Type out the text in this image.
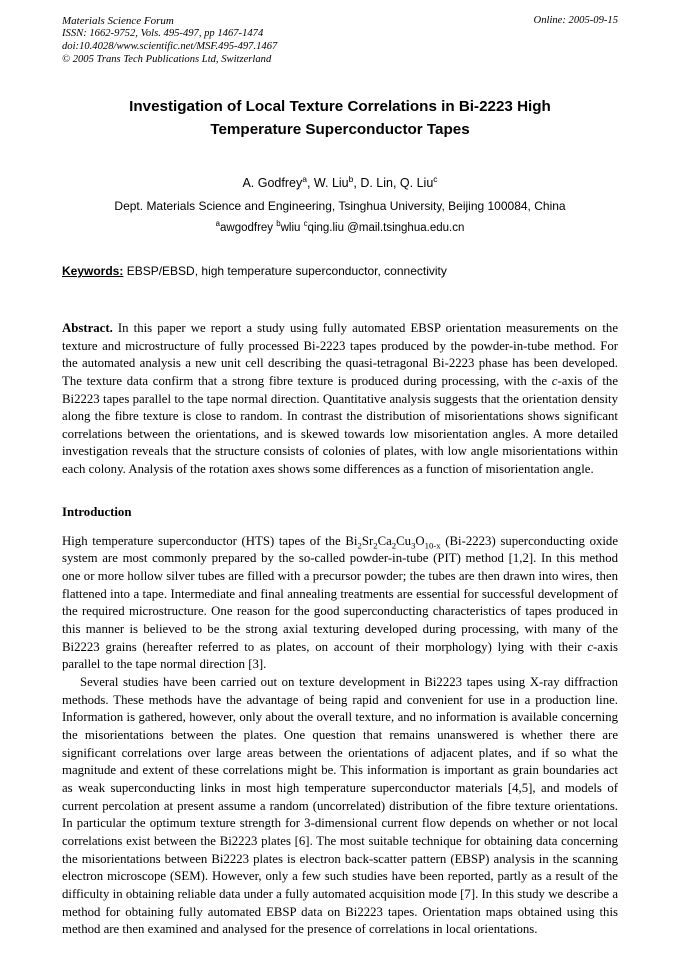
Materials Science Forum
ISSN: 1662-9752, Vols. 495-497, pp 1467-1474
doi:10.4028/www.scientific.net/MSF.495-497.1467
© 2005 Trans Tech Publications Ltd, Switzerland
Online: 2005-09-15
Investigation of Local Texture Correlations in Bi-2223 High Temperature Superconductor Tapes
A. Godfrey$^a$, W. Liu$^b$, D. Lin, Q. Liu$^c$
Dept. Materials Science and Engineering, Tsinghua University, Beijing 100084, China
$^a$awgodfrey $^b$wliu $^c$qing.liu @mail.tsinghua.edu.cn
Keywords: EBSP/EBSD, high temperature superconductor, connectivity
Abstract. In this paper we report a study using fully automated EBSP orientation measurements on the texture and microstructure of fully processed Bi-2223 tapes produced by the powder-in-tube method. For the automated analysis a new unit cell describing the quasi-tetragonal Bi-2223 phase has been developed. The texture data confirm that a strong fibre texture is produced during processing, with the c-axis of the Bi2223 tapes parallel to the tape normal direction. Quantitative analysis suggests that the orientation density along the fibre texture is close to random. In contrast the distribution of misorientations shows significant correlations between the orientations, and is skewed towards low misorientation angles. A more detailed investigation reveals that the structure consists of colonies of plates, with low angle misorientations within each colony. Analysis of the rotation axes shows some differences as a function of misorientation angle.
Introduction
High temperature superconductor (HTS) tapes of the $Bi_2Sr_2Ca_2Cu_3O_{10-x}$ (Bi-2223) superconducting oxide system are most commonly prepared by the so-called powder-in-tube (PIT) method [1,2]. In this method one or more hollow silver tubes are filled with a precursor powder; the tubes are then drawn into wires, then flattened into a tape. Intermediate and final annealing treatments are essential for successful development of the required microstructure. One reason for the good superconducting characteristics of tapes produced in this manner is believed to be the strong axial texturing developed during processing, with many of the Bi2223 grains (hereafter referred to as plates, on account of their morphology) lying with their c-axis parallel to the tape normal direction [3].
Several studies have been carried out on texture development in Bi2223 tapes using X-ray diffraction methods. These methods have the advantage of being rapid and convenient for use in a production line. Information is gathered, however, only about the overall texture, and no information is available concerning the misorientations between the plates. One question that remains unanswered is whether there are significant correlations over large areas between the orientations of adjacent plates, and if so what the magnitude and extent of these correlations might be. This information is important as grain boundaries act as weak superconducting links in most high temperature superconductor materials [4,5], and models of current percolation at present assume a random (uncorrelated) distribution of the fibre texture orientations. In particular the optimum texture strength for 3-dimensional current flow depends on whether or not local correlations exist between the Bi2223 plates [6]. The most suitable technique for obtaining data concerning the misorientations between Bi2223 plates is electron back-scatter pattern (EBSP) analysis in the scanning electron microscope (SEM). However, only a few such studies have been reported, partly as a result of the difficulty in obtaining reliable data under a fully automated acquisition mode [7]. In this study we describe a method for obtaining fully automated EBSP data on Bi2223 tapes. Orientation maps obtained using this method are then examined and analysed for the presence of correlations in local orientations.
